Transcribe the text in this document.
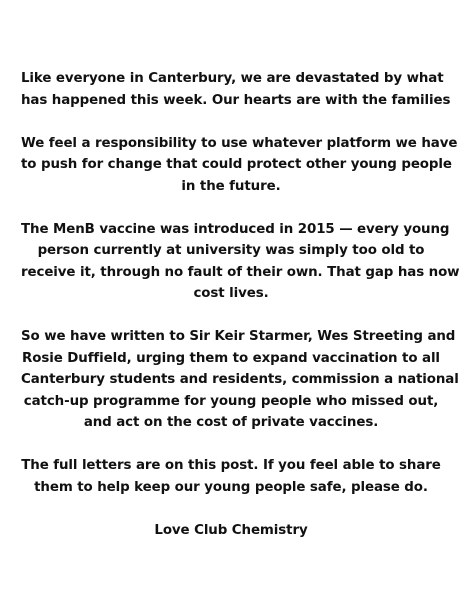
Like everyone in Canterbury, we are devastated by what
has happened this week. Our hearts are with the families

We feel a responsibility to use whatever platform we have
to push for change that could protect other young people
in the future.

The MenB vaccine was introduced in 2015 — every young
person currently at university was simply too old to
receive it, through no fault of their own. That gap has now
cost lives.

So we have written to Sir Keir Starmer, Wes Streeting and
Rosie Duffield, urging them to expand vaccination to all
Canterbury students and residents, commission a national
catch-up programme for young people who missed out,
and act on the cost of private vaccines.

The full letters are on this post. If you feel able to share
them to help keep our young people safe, please do.

Love Club Chemistry
